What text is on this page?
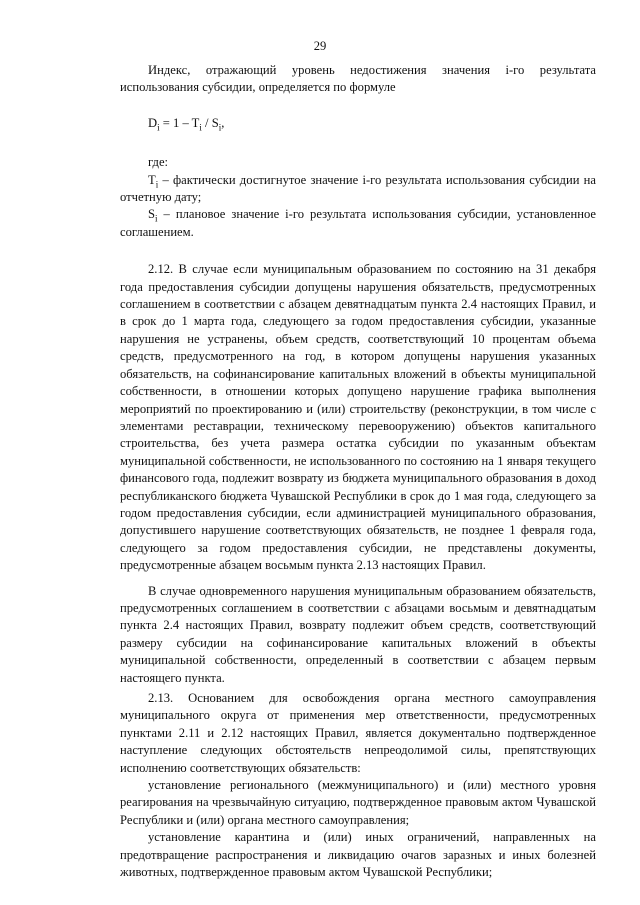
29

Индекс, отражающий уровень недостижения значения i-го результата использования субсидии, определяется по формуле

$D_i = 1 - T_i / S_i$,

где:

$T_i$ – фактически достигнутое значение i-го результата использования субсидии на отчетную дату;

$S_i$ – плановое значение i-го результата использования субсидии, установленное соглашением.

2.12. В случае если муниципальным образованием по состоянию на 31 декабря года предоставления субсидии допущены нарушения обязательств, предусмотренных соглашением в соответствии с абзацем девятнадцатым пункта 2.4 настоящих Правил, и в срок до 1 марта года, следующего за годом предоставления субсидии, указанные нарушения не устранены, объем средств, соответствующий 10 процентам объема средств, предусмотренного на год, в котором допущены нарушения указанных обязательств, на софинансирование капитальных вложений в объекты муниципальной собственности, в отношении которых допущено нарушение графика выполнения мероприятий по проектированию и (или) строительству (реконструкции, в том числе с элементами реставрации, техническому перевооружению) объектов капитального строительства, без учета размера остатка субсидии по указанным объектам муниципальной собственности, не использованного по состоянию на 1 января текущего финансового года, подлежит возврату из бюджета муниципального образования в доход республиканского бюджета Чувашской Республики в срок до 1 мая года, следующего за годом предоставления субсидии, если администрацией муниципального образования, допустившего нарушение соответствующих обязательств, не позднее 1 февраля года, следующего за годом предоставления субсидии, не представлены документы, предусмотренные абзацем восьмым пункта 2.13 настоящих Правил.

В случае одновременного нарушения муниципальным образованием обязательств, предусмотренных соглашением в соответствии с абзацами восьмым и девятнадцатым пункта 2.4 настоящих Правил, возврату подлежит объем средств, соответствующий размеру субсидии на софинансирование капитальных вложений в объекты муниципальной собственности, определенный в соответствии с абзацем первым настоящего пункта.

2.13. Основанием для освобождения органа местного самоуправления муниципального округа от применения мер ответственности, предусмотренных пунктами 2.11 и 2.12 настоящих Правил, является документально подтвержденное наступление следующих обстоятельств непреодолимой силы, препятствующих исполнению соответствующих обязательств:

установление регионального (межмуниципального) и (или) местного уровня реагирования на чрезвычайную ситуацию, подтвержденное правовым актом Чувашской Республики и (или) органа местного самоуправления;

установление карантина и (или) иных ограничений, направленных на предотвращение распространения и ликвидацию очагов заразных и иных болезней животных, подтвержденное правовым актом Чувашской Республики;
